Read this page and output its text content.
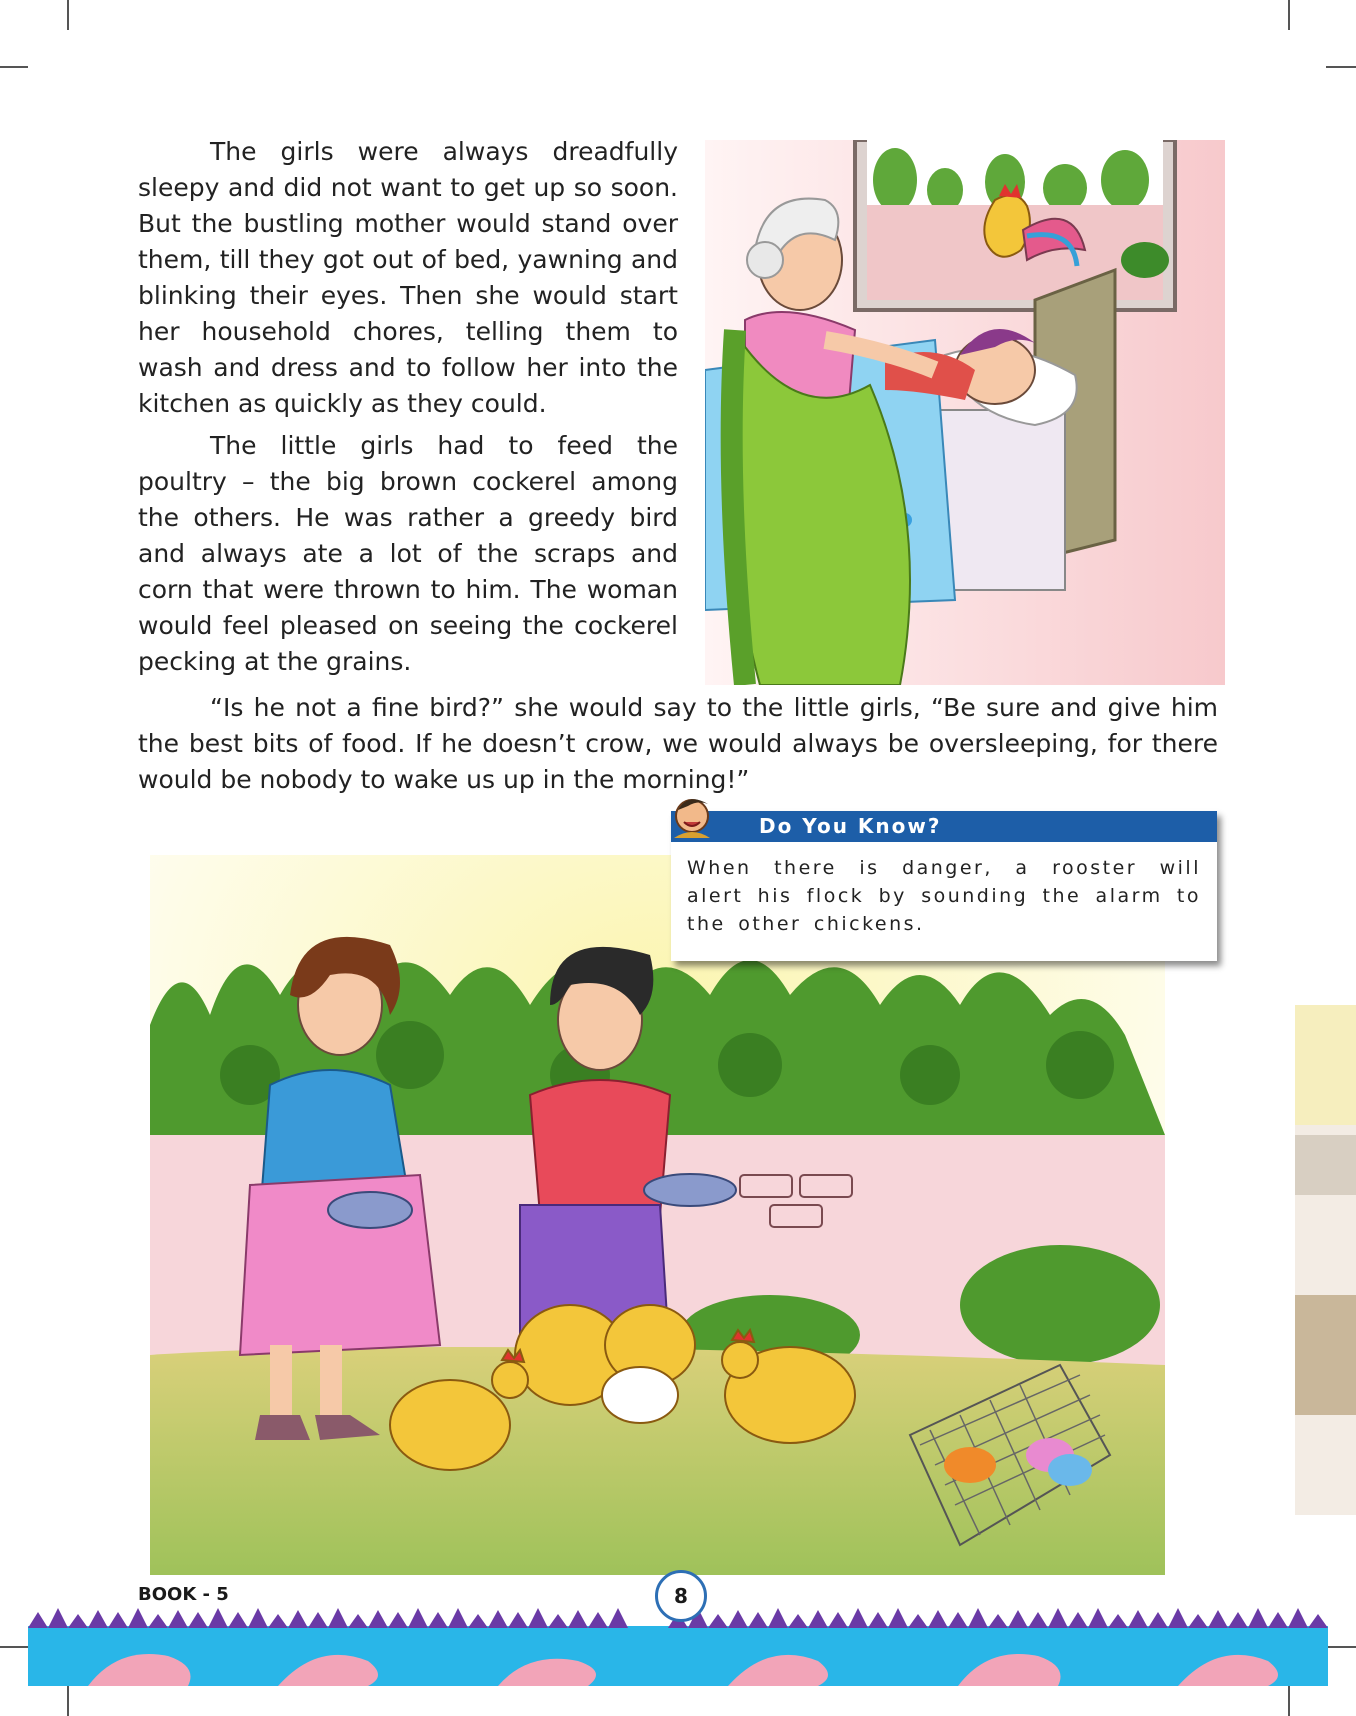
The girls were always dreadfully sleepy and did not want to get up so soon. But the bustling mother would stand over them, till they got out of bed, yawning and blinking their eyes. Then she would start her household chores, telling them to wash and dress and to follow her into the kitchen as quickly as they could.

The little girls had to feed the poultry – the big brown cockerel among the others. He was rather a greedy bird and always ate a lot of the scraps and corn that were thrown to him. The woman would feel pleased on seeing the cockerel pecking at the grains.

“Is he not a fine bird?” she would say to the little girls, “Be sure and give him the best bits of food. If he doesn’t crow, we would always be oversleeping, for there would be nobody to wake us up in the morning!”

Do You Know?
When there is danger, a rooster will alert his flock by sounding the alarm to the other chickens.
BOOK - 5	8
